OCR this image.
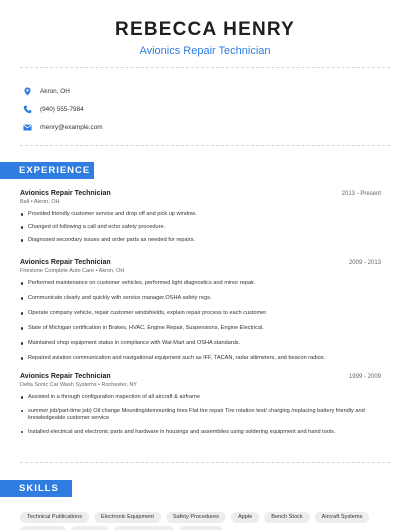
REBECCA HENRY
Avionics Repair Technician
Akron, OH
(940) 555-7984
rhenry@example.com
EXPERIENCE
Avionics Repair Technician	2013 - Present
Ball • Akron, OH
Provided friendly customer service and drop off and pick up window.
Changed oil following a call and echo safety procedure.
Diagnosed secondary issues and order parts as needed for repairs.
Avionics Repair Technician	2009 - 2013
Firestone Complete Auto Care • Akron, OH
Performed maintenance on customer vehicles, performed light diagnostics and minor repair.
Communicate clearly and quickly with service manager.OSHA safety regs.
Operate company vehicle, repair customer windshields, explain repair process to each customer.
State of Michigan certification in Brakes, HVAC, Engine Repair, Suspensions, Engine Electrical.
Maintained shop equipment status in compliance with Wal-Mart and OSHA standards.
Repaired aviation communication and navigational equipment such as IFF, TACAN, radar altimeters, and beacon radios.
Avionics Repair Technician	1999 - 2009
Delta Sonic Car Wash Systems • Rochester, NY
Assisted in a through configuration inspection of all aircraft & airframe
summer job/part-time job) Oil change Mounting/demounting tires Flat tire repair Tire rotation test/ charging /replacing battery friendly and knowledgeable customer service
Installed electrical and electronic parts and hardware in housings and assemblies using soldering equipment and hand tools.
SKILLS
Technical Publications	Electronic Equipment	Safety Procedures	Apple	Bench Stock	Aircraft Systems
